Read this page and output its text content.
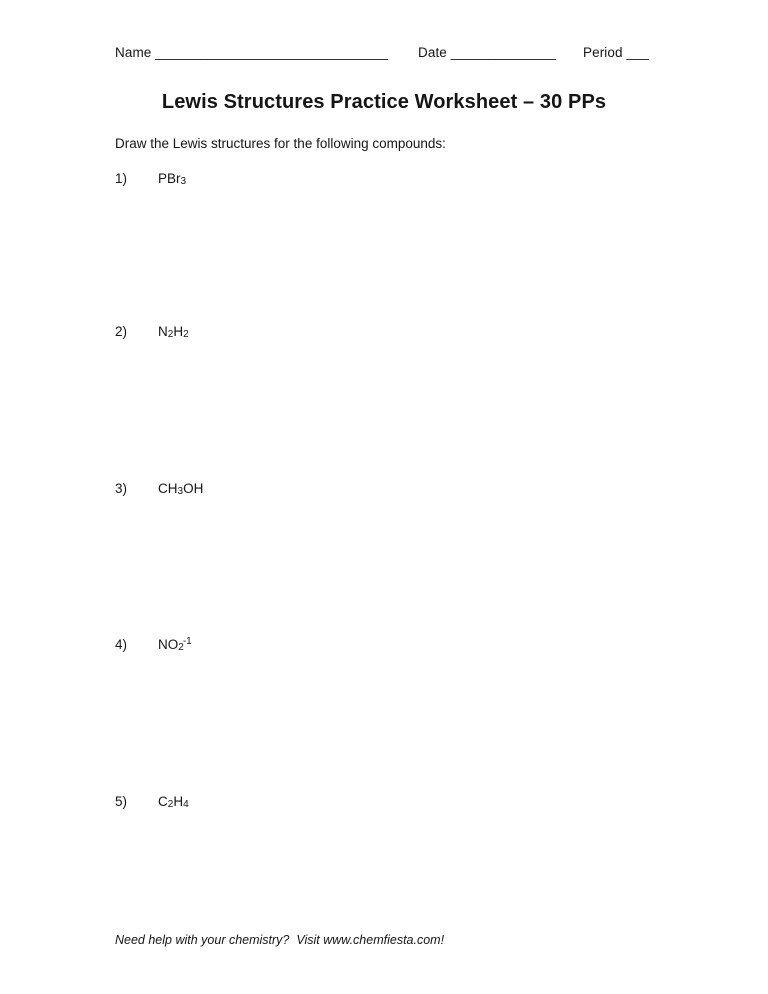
Name _______________________________ Date ______________ Period ___
Lewis Structures Practice Worksheet – 30 PPs

Draw the Lewis structures for the following compounds:

1) PBr3
2) N2H2
3) CH3OH
4) $NO2^{-1}$
5) C2H4

Need help with your chemistry?  Visit www.chemfiesta.com!
